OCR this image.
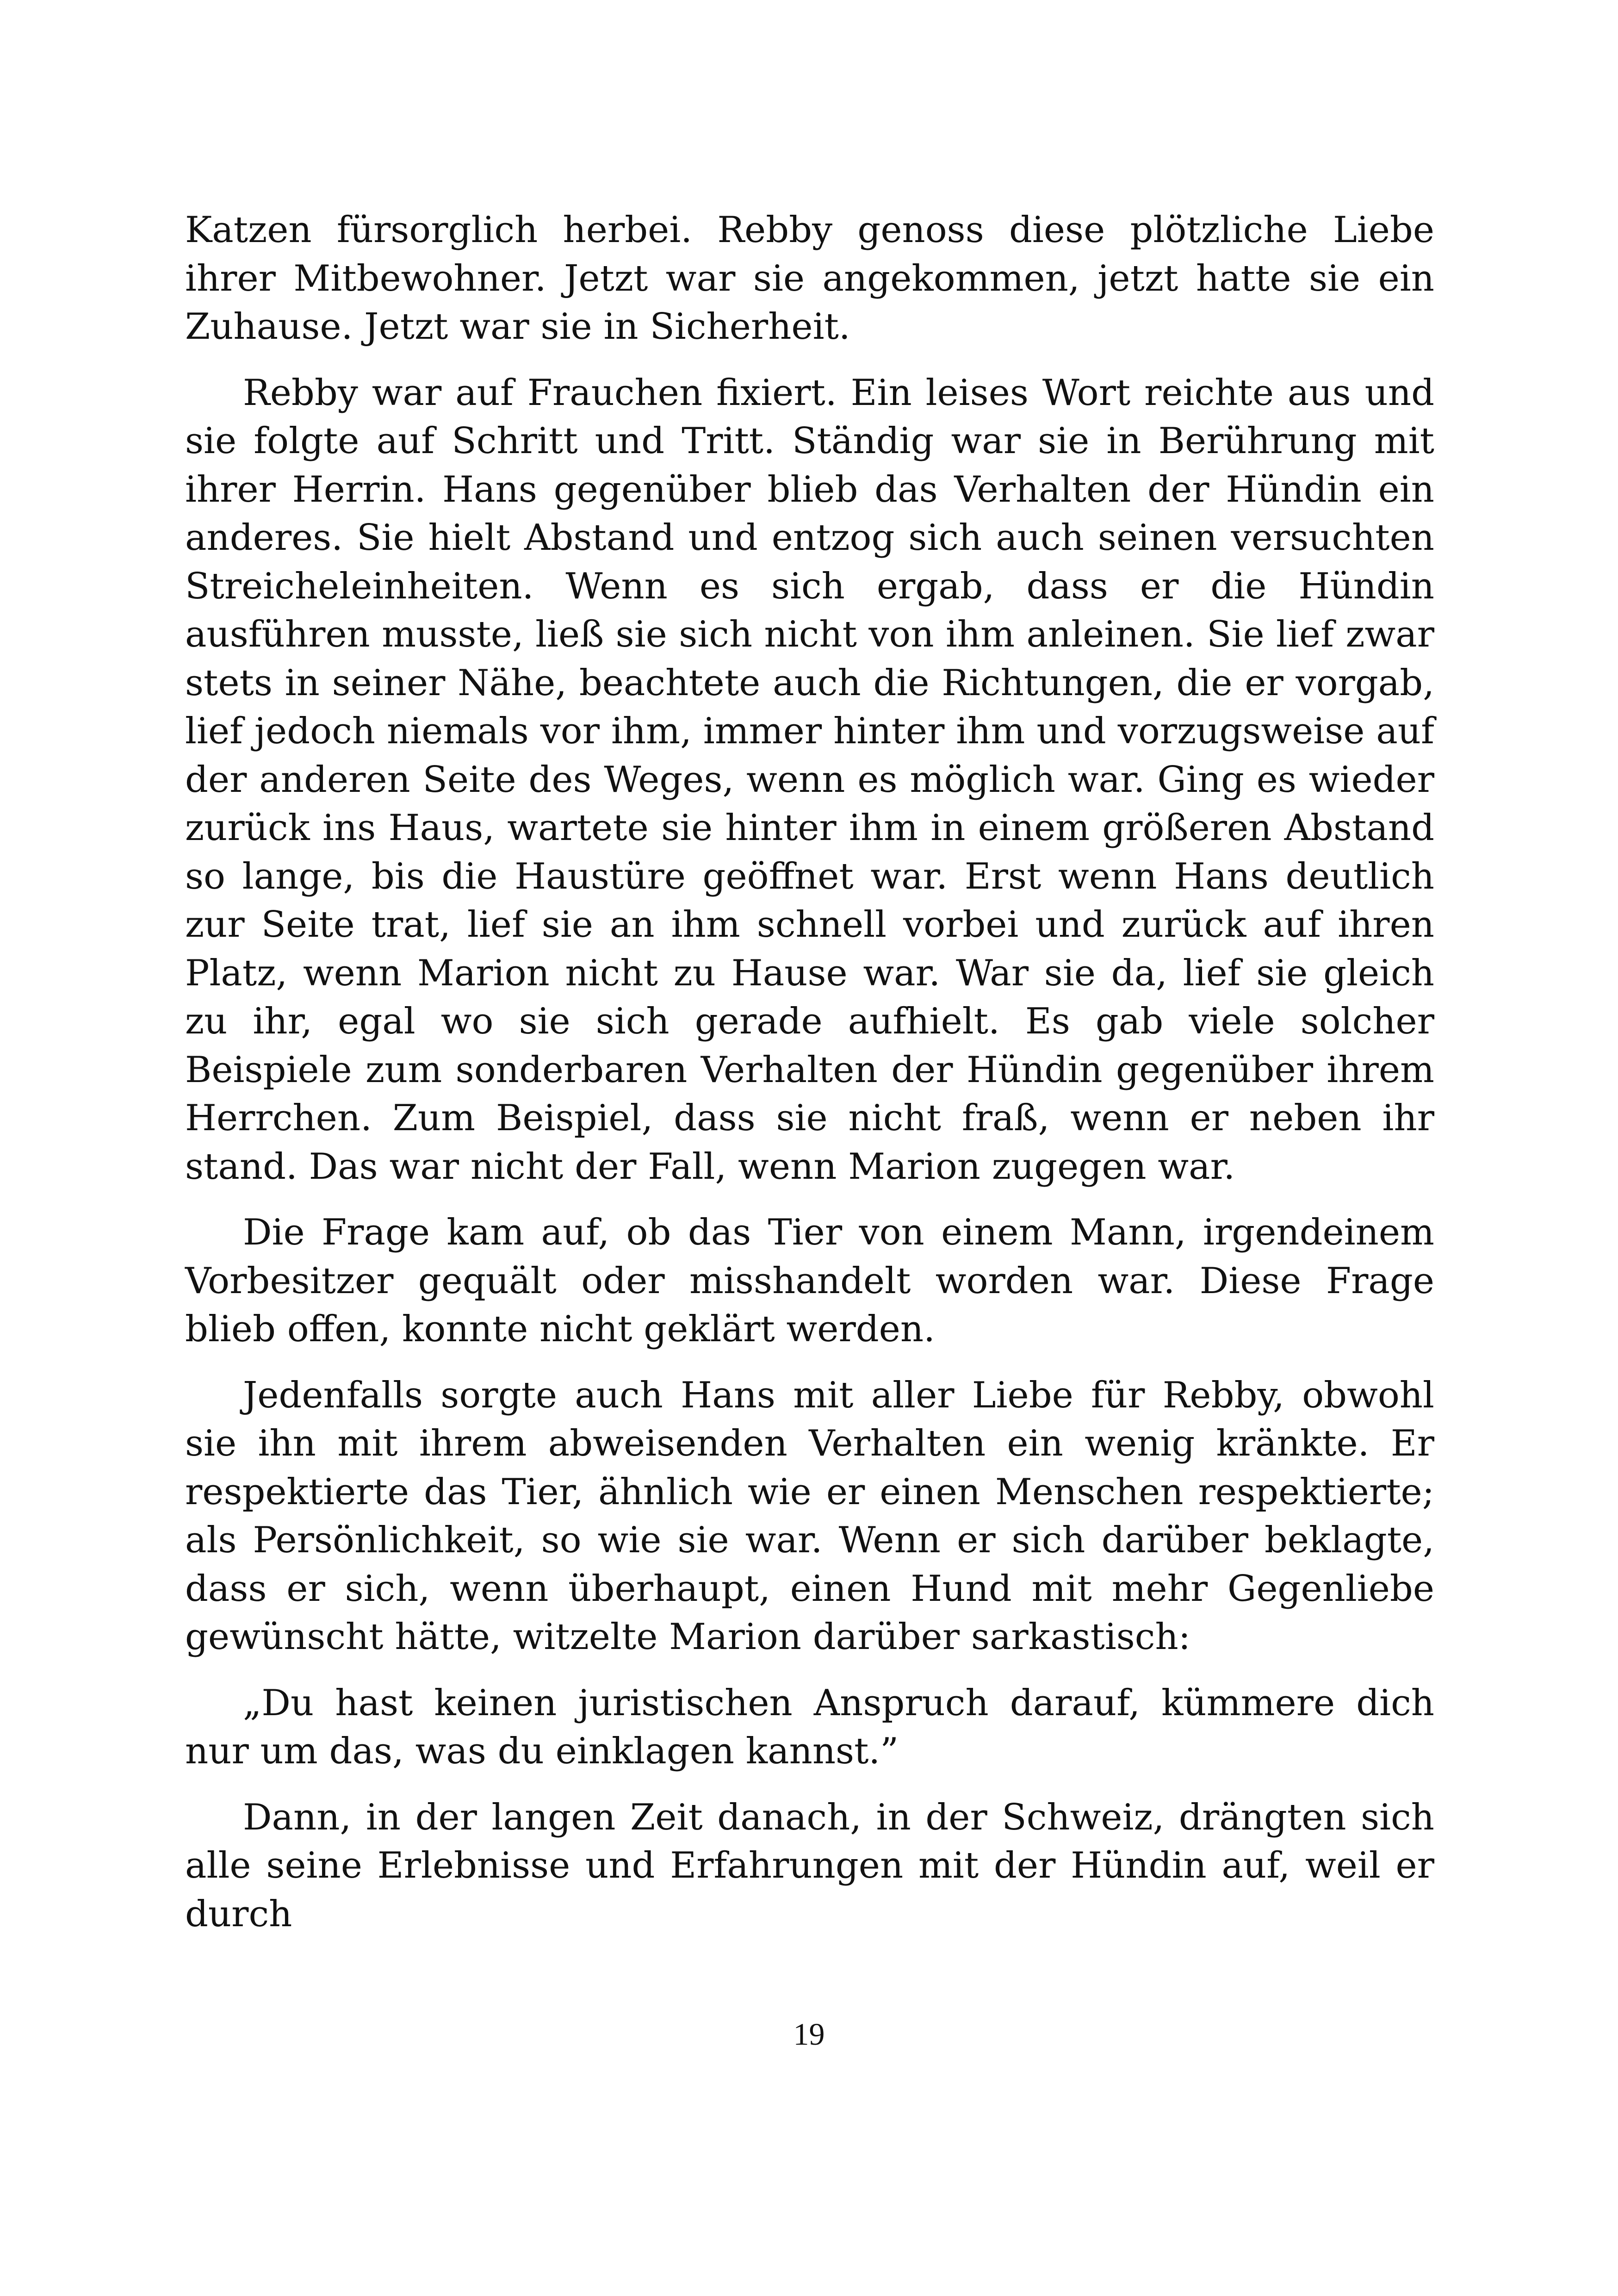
Katzen fürsorglich herbei. Rebby genoss diese plötzliche Liebe ihrer Mitbewohner. Jetzt war sie angekommen, jetzt hatte sie ein Zuhause. Jetzt war sie in Sicherheit.

Rebby war auf Frauchen fixiert. Ein leises Wort reichte aus und sie folgte auf Schritt und Tritt. Ständig war sie in Berührung mit ihrer Herrin. Hans gegenüber blieb das Verhalten der Hündin ein anderes. Sie hielt Abstand und entzog sich auch seinen versuchten Streicheleinheiten. Wenn es sich ergab, dass er die Hündin ausführen musste, ließ sie sich nicht von ihm anleinen. Sie lief zwar stets in seiner Nähe, beachtete auch die Richtungen, die er vorgab, lief jedoch niemals vor ihm, immer hinter ihm und vorzugsweise auf der anderen Seite des Weges, wenn es möglich war. Ging es wieder zurück ins Haus, wartete sie hinter ihm in einem größeren Abstand so lange, bis die Haustüre geöffnet war. Erst wenn Hans deutlich zur Seite trat, lief sie an ihm schnell vorbei und zurück auf ihren Platz, wenn Marion nicht zu Hause war. War sie da, lief sie gleich zu ihr, egal wo sie sich gerade aufhielt. Es gab viele solcher Beispiele zum sonderbaren Verhalten der Hündin gegenüber ihrem Herrchen. Zum Beispiel, dass sie nicht fraß, wenn er neben ihr stand. Das war nicht der Fall, wenn Marion zugegen war.

Die Frage kam auf, ob das Tier von einem Mann, irgendeinem Vorbesitzer gequält oder misshandelt worden war. Diese Frage blieb offen, konnte nicht geklärt werden.

Jedenfalls sorgte auch Hans mit aller Liebe für Rebby, obwohl sie ihn mit ihrem abweisenden Verhalten ein wenig kränkte. Er respektierte das Tier, ähnlich wie er einen Menschen respektierte; als Persönlichkeit, so wie sie war. Wenn er sich darüber beklagte, dass er sich, wenn überhaupt, einen Hund mit mehr Gegenliebe gewünscht hätte, witzelte Marion darüber sarkastisch:

„Du hast keinen juristischen Anspruch darauf, kümmere dich nur um das, was du einklagen kannst.”

Dann, in der langen Zeit danach, in der Schweiz, drängten sich alle seine Erlebnisse und Erfahrungen mit der Hündin auf, weil er durch

19
